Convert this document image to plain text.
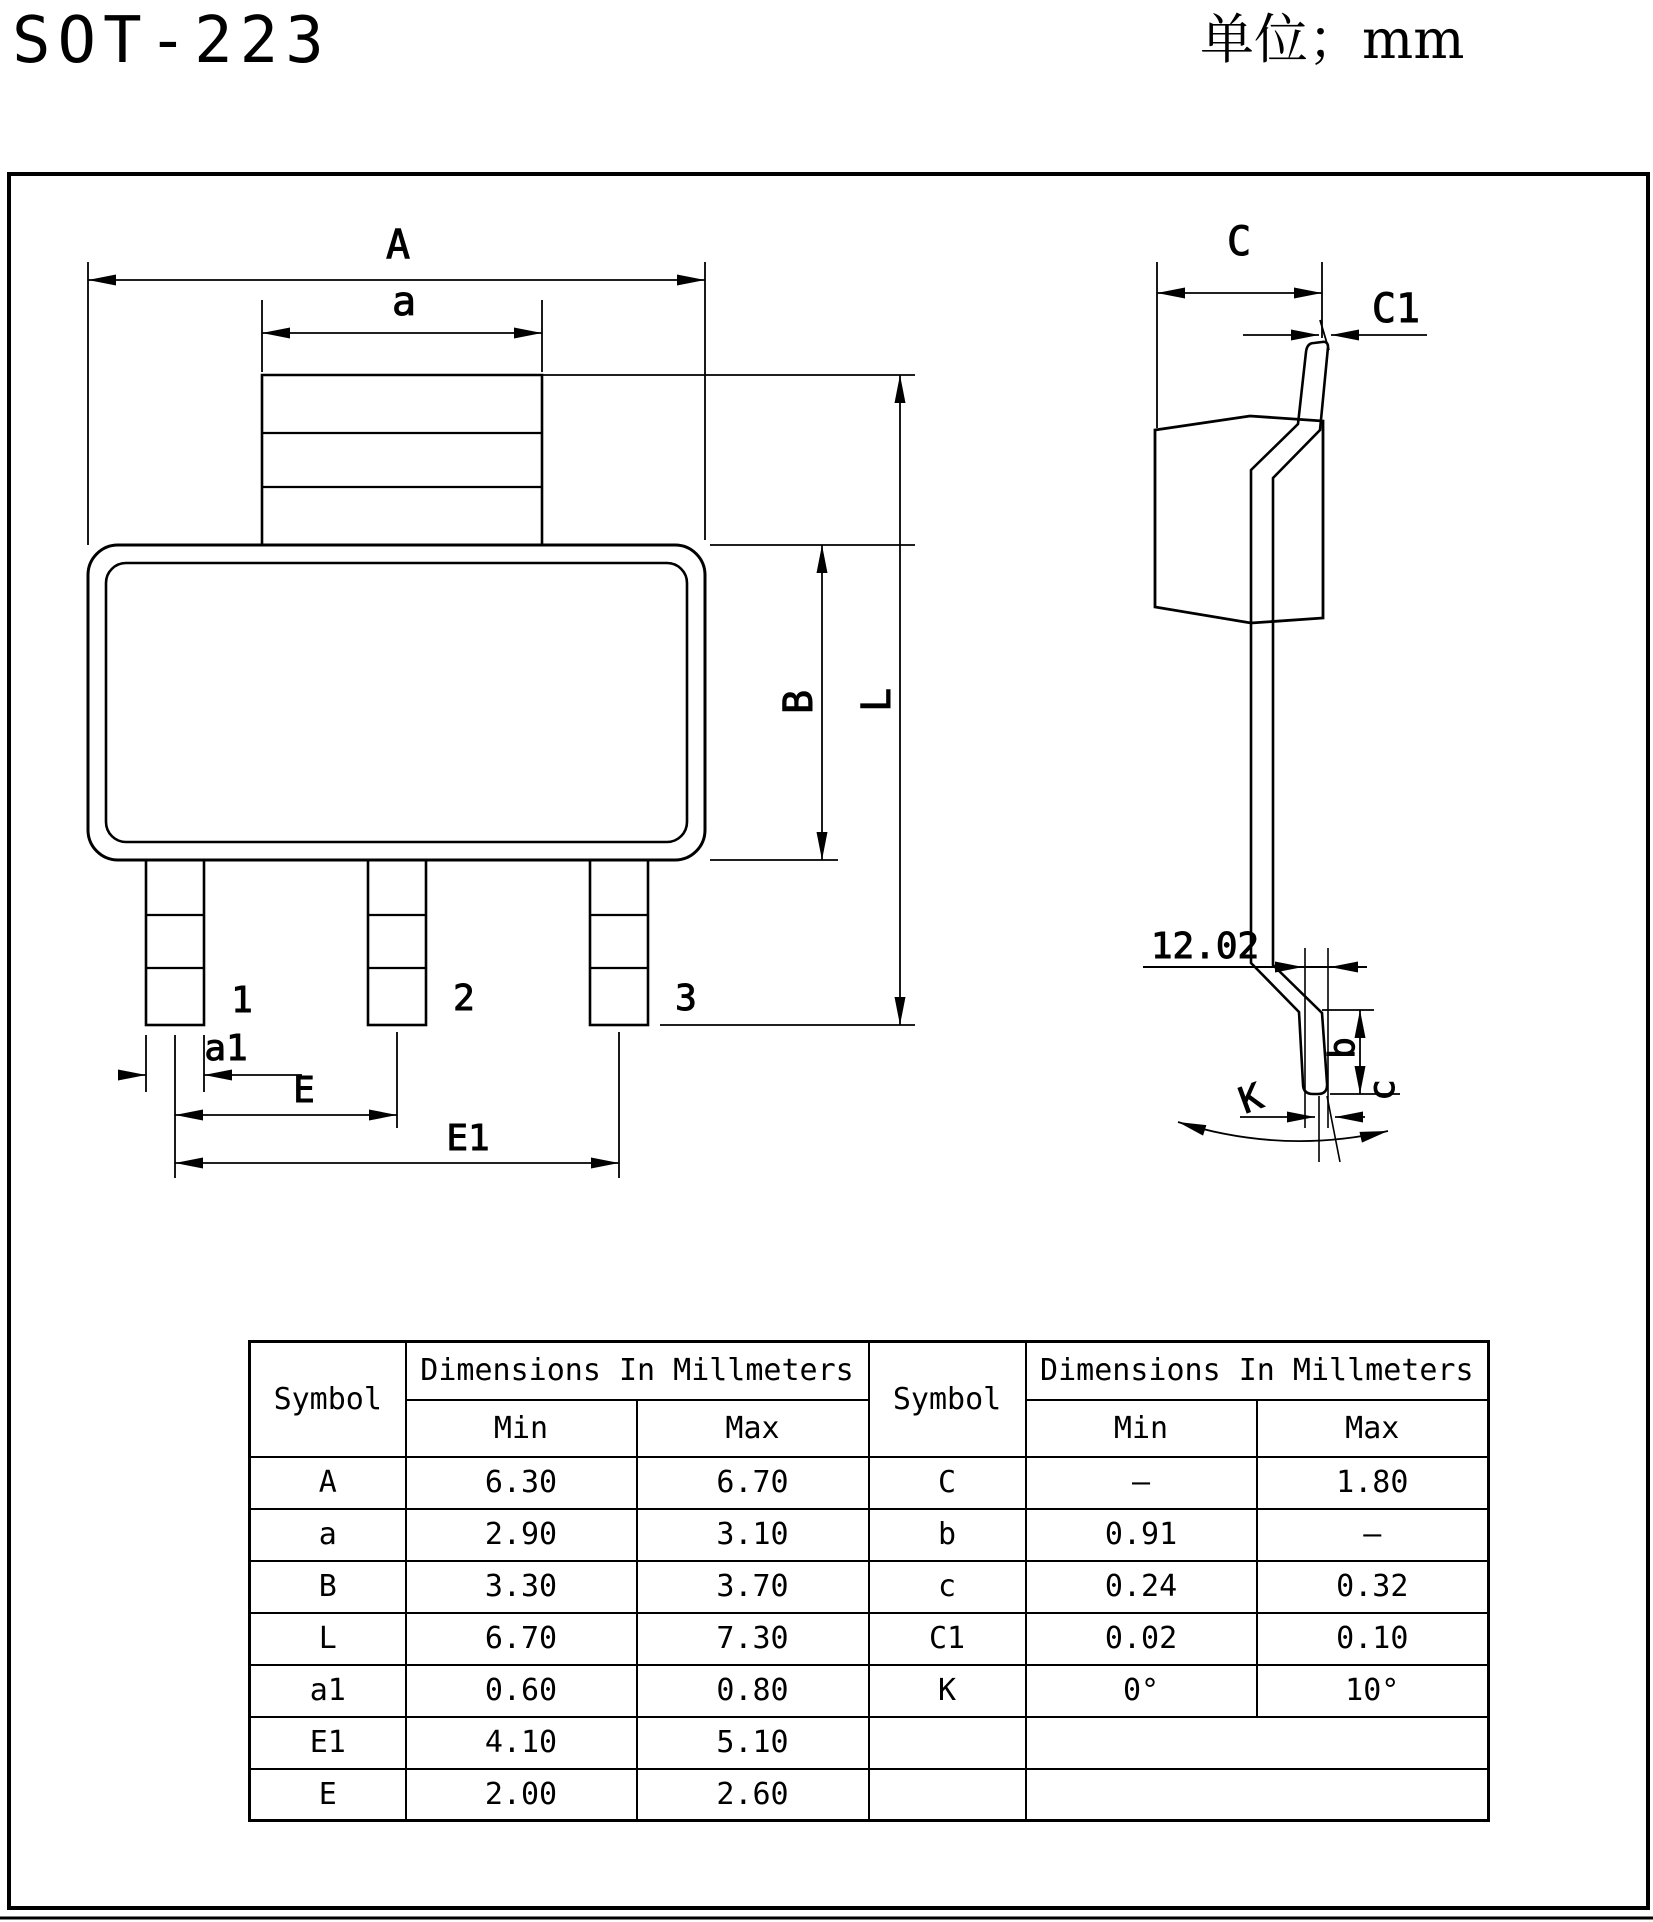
SOT-223	单位；mm
A
a
B L
1	2	3
a1
E
E1
C
C1
12.02
b
c
K
Symbol	Dimensions In Millmeters		Symbol	Dimensions In Millmeters	
	Min	Max		Min	Max
A	6.30	6.70	C	–	1.80
a	2.90	3.10	b	0.91	–
B	3.30	3.70	c	0.24	0.32
L	6.70	7.30	C1	0.02	0.10
a1	0.60	0.80	K	0°	10°
E1	4.10	5.10			
E	2.00	2.60			
